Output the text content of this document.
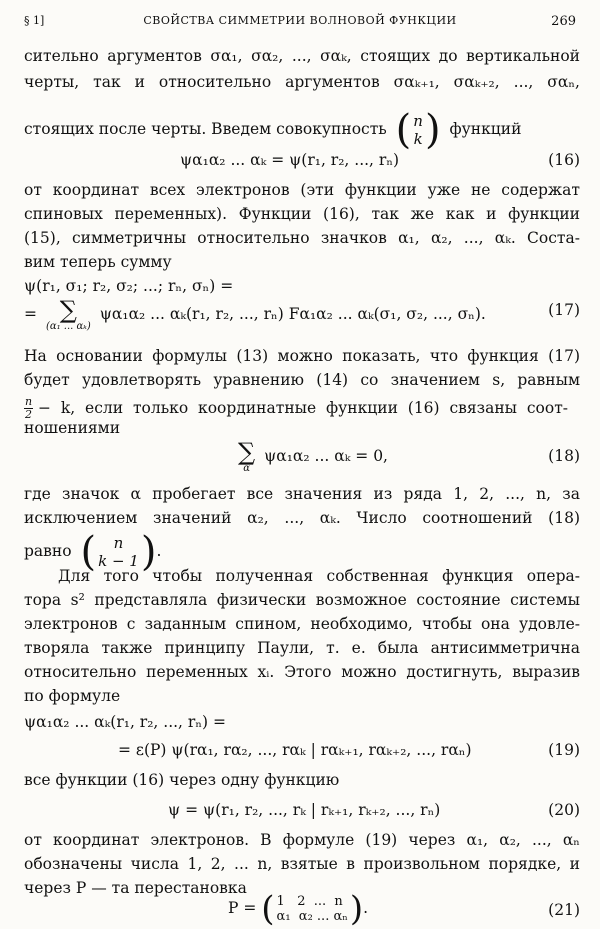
§ 1]	СВОЙСТВА СИММЕТРИИ ВОЛНОВОЙ ФУНКЦИИ	269
сительно аргументов σα₁, σα₂, ..., σαₖ, стоящих до вертикальной
черты, так и относительно аргументов σαₖ₊₁, σαₖ₊₂, ..., σαₙ,
стоящих после черты. Введем совокупность ( n
k ) функций
ψα₁α₂ ... αₖ = ψ(r₁, r₂, ..., rₙ)	(16)
от координат всех электронов (эти функции уже не содержат
спиновых переменных). Функции (16), так же как и функции
(15), симметричны относительно значков α₁, α₂, ..., αₖ. Соста-
вим теперь сумму
ψ(r₁, σ₁; r₂, σ₂; ...; rₙ, σₙ) =
= ∑
(α₁ ... αₖ)
ψα₁α₂ ... αₖ(r₁, r₂, ..., rₙ) Fα₁α₂ ... αₖ(σ₁, σ₂, ..., σₙ).	(17)
На основании формулы (13) можно показать, что функция (17)
будет удовлетворять уравнению (14) со значением s, равным
$\frac{n}{2} - k$, если только координатные функции (16) связаны соот-
ношениями
∑
α
ψα₁α₂ ... αₖ = 0,	(18)
где значок α пробегает все значения из ряда 1, 2, ..., n, за
исключением значений α₂, ..., αₖ. Число соотношений (18)
равно ( n
k − 1 ) .
Для того чтобы полученная собственная функция опера-
тора s² представляла физически возможное состояние системы
электронов с заданным спином, необходимо, чтобы она удовле-
творяла также принципу Паули, т. е. была антисимметрична
относительно переменных xᵢ. Этого можно достигнуть, выразив
по формуле
ψα₁α₂ ... αₖ(r₁, r₂, ..., rₙ) =
= ε(P) ψ(rα₁, rα₂, ..., rαₖ | rαₖ₊₁, rαₖ₊₂, ..., rαₙ)	(19)
все функции (16) через одну функцию
ψ = ψ(r₁, r₂, ..., rₖ | rₖ₊₁, rₖ₊₂, ..., rₙ)	(20)
от координат электронов. В формуле (19) через α₁, α₂, ..., αₙ
обозначены числа 1, 2, ... n, взятые в произвольном порядке, и
через P — та перестановка
P = ( 1   2  ...  n
α₁  α₂ ... αₙ ) .	(21)
